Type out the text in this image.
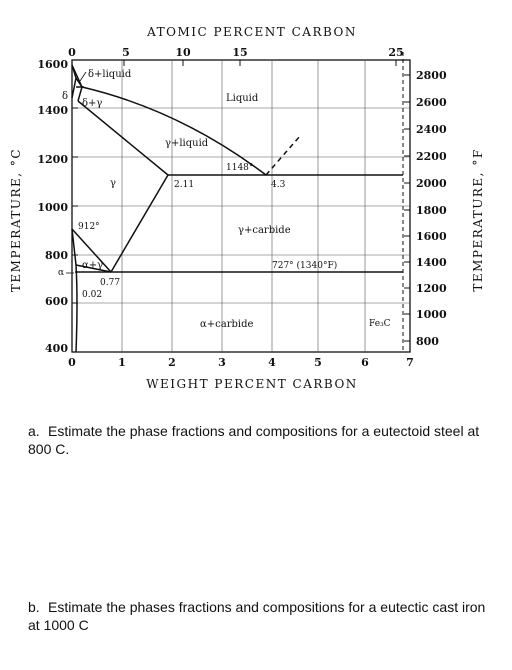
ATOMIC PERCENT CARBON
WEIGHT PERCENT CARBON
TEMPERATURE, °C	TEMPERATURE, °F
0	5	10	15	25
0	1	2	3	4	5	6	7
1600
1400
1200
1000
800
600
400
2800
2600
2400
2200
2000
1800
1600
1400
1200
1000
800
δ+liquid
δ
δ+γ	Liquid
γ+liquid
γ
1148°
2.11	4.3
912°	γ+carbide
α+γ
α
727° (1340°F)
0.77
0.02
α+carbide	Fe₃C
a. Estimate the phase fractions and compositions for a eutectoid steel at 800 C.
b. Estimate the phases fractions and compositions for a eutectic cast iron at 1000 C
